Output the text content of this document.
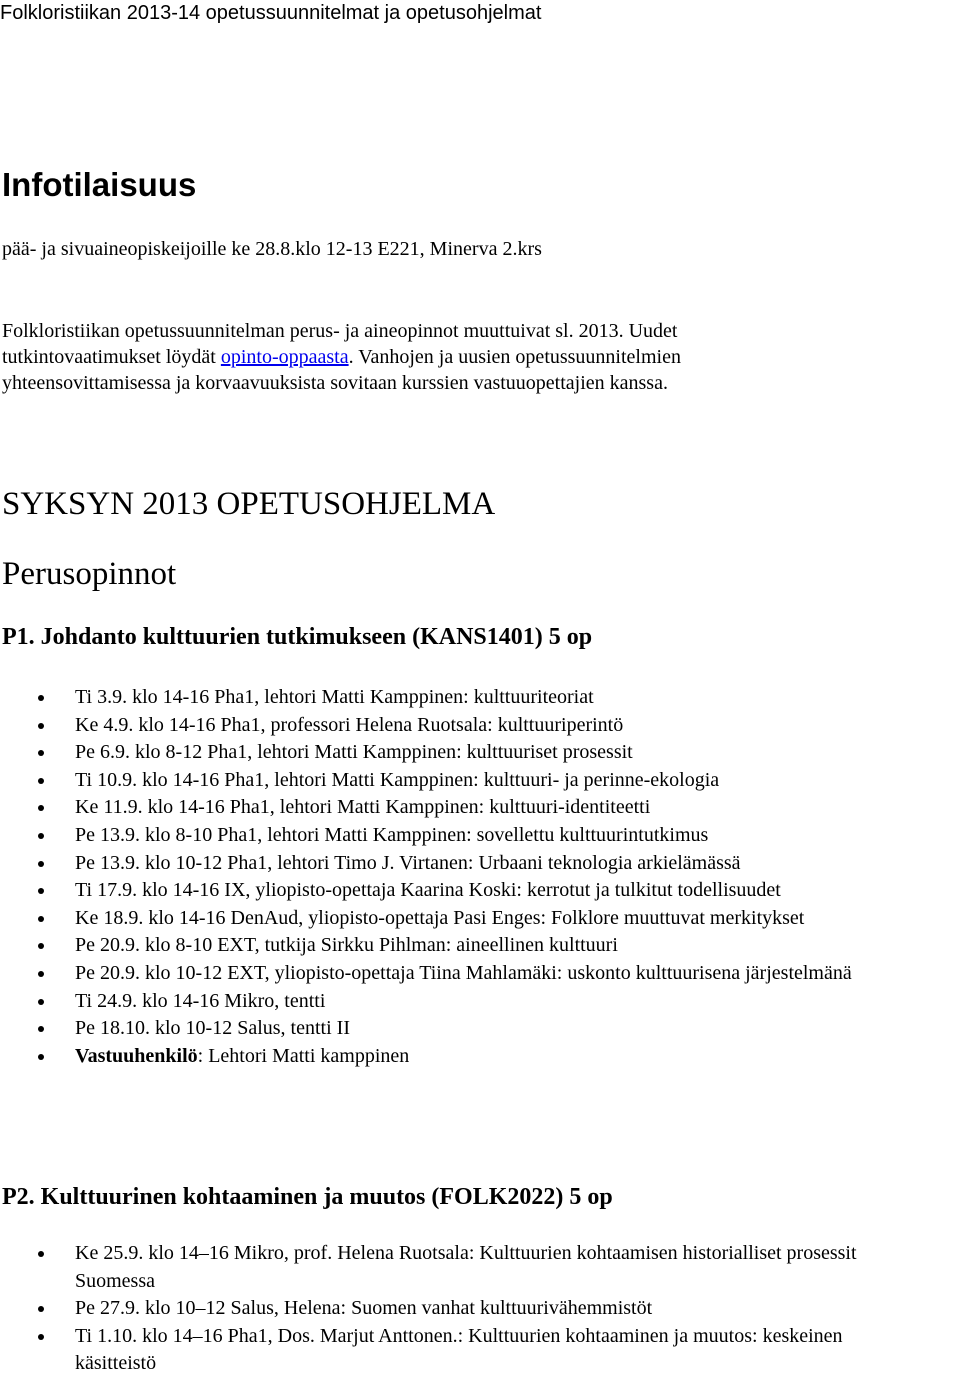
Folkloristiikan 2013-14 opetussuunnitelmat ja opetusohjelmat
Infotilaisuus

pää- ja sivuaineopiskeijoille ke 28.8.klo 12-13 E221, Minerva 2.krs

Folkloristiikan opetussuunnitelman perus- ja aineopinnot muuttuivat sl. 2013. Uudet
tutkintovaatimukset löydät opinto-oppaasta. Vanhojen ja uusien opetussuunnitelmien
yhteensovittamisessa ja korvaavuuksista sovitaan kurssien vastuuopettajien kanssa.

SYKSYN 2013 OPETUSOHJELMA
Perusopinnot
P1. Johdanto kulttuurien tutkimukseen (KANS1401) 5 op
Ti 3.9. klo 14-16 Pha1, lehtori Matti Kamppinen: kulttuuriteoriat
Ke 4.9. klo 14-16 Pha1, professori Helena Ruotsala: kulttuuriperintö
Pe 6.9. klo 8-12 Pha1, lehtori Matti Kamppinen: kulttuuriset prosessit
Ti 10.9. klo 14-16 Pha1, lehtori Matti Kamppinen: kulttuuri- ja perinne-ekologia
Ke 11.9. klo 14-16 Pha1, lehtori Matti Kamppinen: kulttuuri-identiteetti
Pe 13.9. klo 8-10 Pha1, lehtori Matti Kamppinen: sovellettu kulttuurintutkimus
Pe 13.9. klo 10-12 Pha1, lehtori Timo J. Virtanen: Urbaani teknologia arkielämässä
Ti 17.9. klo 14-16 IX, yliopisto-opettaja Kaarina Koski: kerrotut ja tulkitut todellisuudet
Ke 18.9. klo 14-16 DenAud, yliopisto-opettaja Pasi Enges: Folklore muuttuvat merkitykset
Pe 20.9. klo 8-10 EXT, tutkija Sirkku Pihlman: aineellinen kulttuuri
Pe 20.9. klo 10-12 EXT, yliopisto-opettaja Tiina Mahlamäki: uskonto kulttuurisena järjestelmänä
Ti 24.9. klo 14-16 Mikro, tentti
Pe 18.10. klo 10-12 Salus, tentti II
Vastuuhenkilö: Lehtori Matti kamppinen
P2. Kulttuurinen kohtaaminen ja muutos (FOLK2022) 5 op
Ke 25.9. klo 14–16 Mikro, prof. Helena Ruotsala: Kulttuurien kohtaamisen historialliset prosessit Suomessa
Pe 27.9. klo 10–12 Salus, Helena: Suomen vanhat kulttuurivähemmistöt
Ti 1.10. klo 14–16 Pha1, Dos. Marjut Anttonen.: Kulttuurien kohtaaminen ja muutos: keskeinen käsitteistö
